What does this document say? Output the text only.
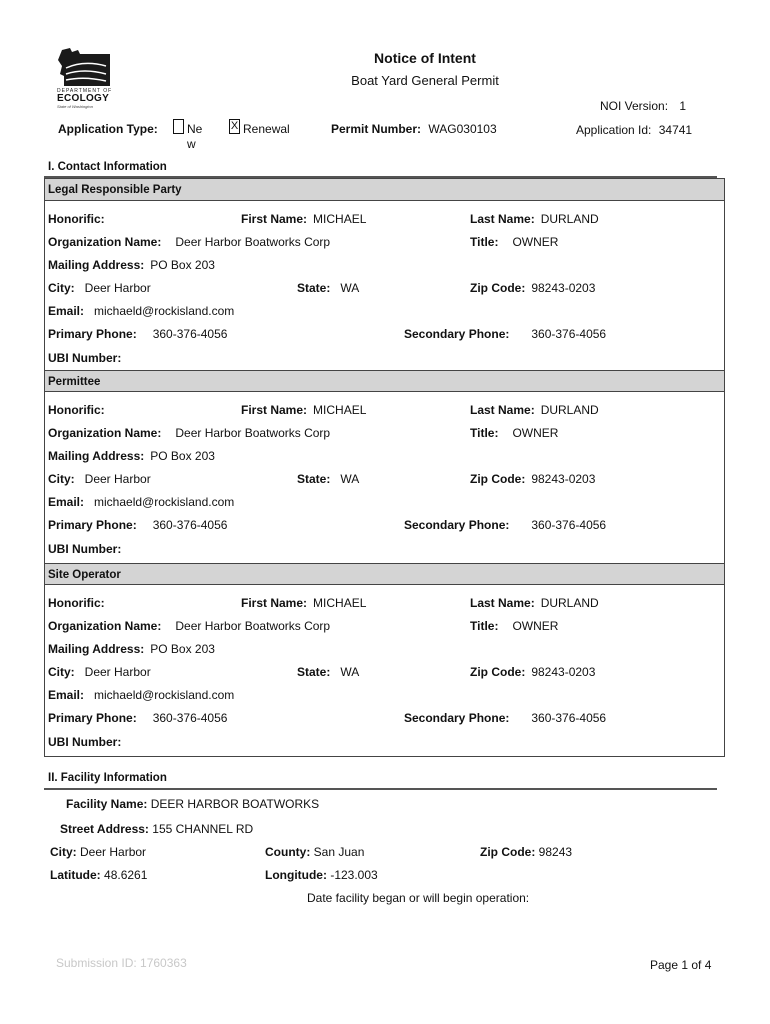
DEPARTMENT OF
ECOLOGY
State of Washington
Notice of Intent
Boat Yard General Permit
NOI Version: 1
Application Id: 34741
Application Type: Ne
w
X Renewal	Permit Number: WAG030103
I. Contact Information
Legal Responsible Party
Honorific:	First Name: MICHAEL	Last Name: DURLAND
Organization Name: Deer Harbor Boatworks Corp	Title: OWNER
Mailing Address: PO Box 203
City: Deer Harbor	State: WA	Zip Code: 98243-0203
Email: michaeld@rockisland.com
Primary Phone: 360-376-4056	Secondary Phone: 360-376-4056
UBI Number:
Permittee
Honorific:	First Name: MICHAEL	Last Name: DURLAND
Organization Name: Deer Harbor Boatworks Corp	Title: OWNER
Mailing Address: PO Box 203
City: Deer Harbor	State: WA	Zip Code: 98243-0203
Email: michaeld@rockisland.com
Primary Phone: 360-376-4056	Secondary Phone: 360-376-4056
UBI Number:
Site Operator
Honorific:	First Name: MICHAEL	Last Name: DURLAND
Organization Name: Deer Harbor Boatworks Corp	Title: OWNER
Mailing Address: PO Box 203
City: Deer Harbor	State: WA	Zip Code: 98243-0203
Email: michaeld@rockisland.com
Primary Phone: 360-376-4056	Secondary Phone: 360-376-4056
UBI Number:
II. Facility Information
Facility Name: DEER HARBOR BOATWORKS
Street Address: 155 CHANNEL RD
City: Deer Harbor	County: San Juan	Zip Code: 98243
Latitude: 48.6261	Longitude: -123.003
Date facility began or will begin operation:
Submission ID: 1760363	Page 1 of 4
